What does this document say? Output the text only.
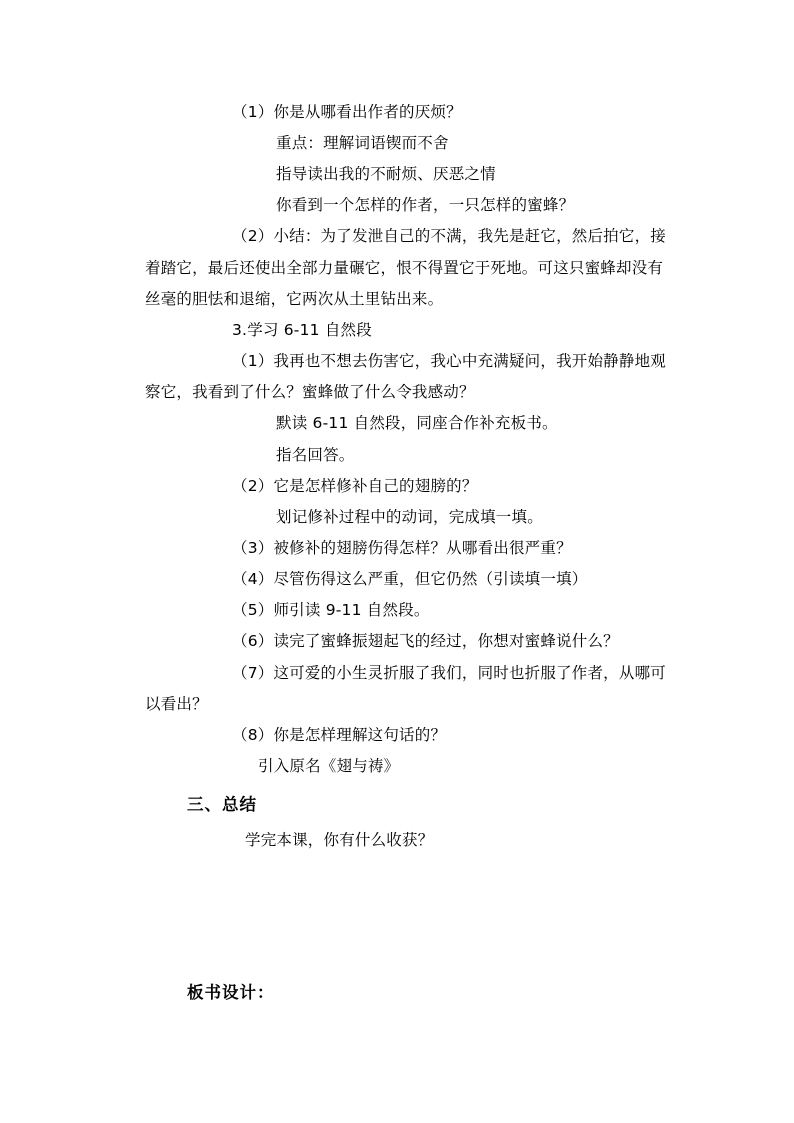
（1）你是从哪看出作者的厌烦？
重点：理解词语锲而不舍
指导读出我的不耐烦、厌恶之情
你看到一个怎样的作者，一只怎样的蜜蜂？
（2）小结：为了发泄自己的不满，我先是赶它，然后拍它，接
着踏它，最后还使出全部力量碾它，恨不得置它于死地。可这只蜜蜂却没有
丝毫的胆怯和退缩，它两次从土里钻出来。
3.学习 6-11 自然段
（1）我再也不想去伤害它，我心中充满疑问，我开始静静地观
察它，我看到了什么？蜜蜂做了什么令我感动？
默读 6-11 自然段，同座合作补充板书。
指名回答。
（2）它是怎样修补自己的翅膀的？
划记修补过程中的动词，完成填一填。
（3）被修补的翅膀伤得怎样？从哪看出很严重？
（4）尽管伤得这么严重，但它仍然（引读填一填）
（5）师引读 9-11 自然段。
（6）读完了蜜蜂振翅起飞的经过，你想对蜜蜂说什么？
（7）这可爱的小生灵折服了我们，同时也折服了作者，从哪可
以看出？
（8）你是怎样理解这句话的？
引入原名《翅与祷》
三、总结
学完本课，你有什么收获？
板书设计：
